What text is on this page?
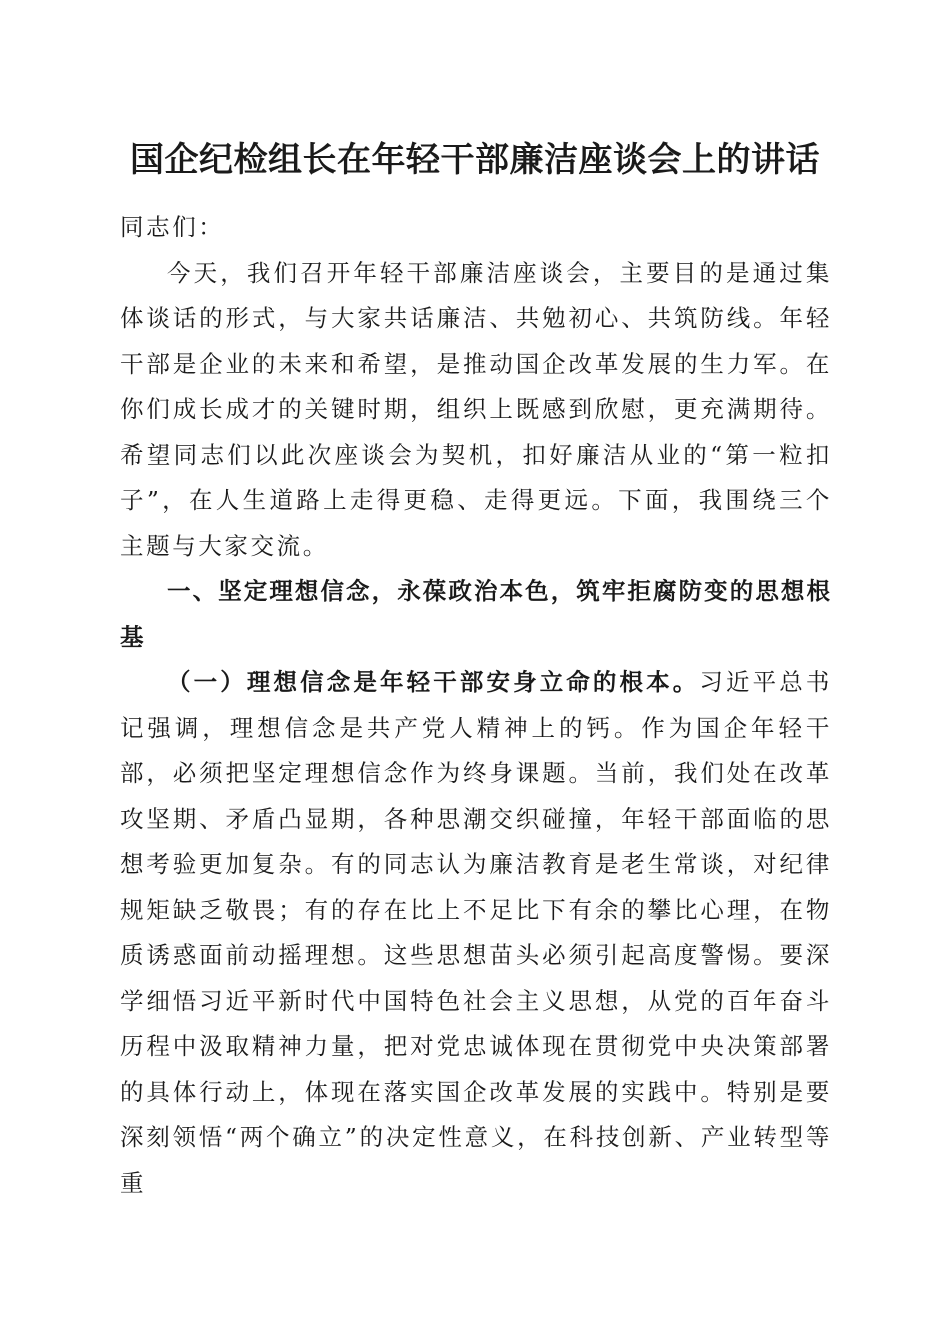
国企纪检组长在年轻干部廉洁座谈会上的讲话

同志们：

今天，我们召开年轻干部廉洁座谈会，主要目的是通过集体谈话的形式，与大家共话廉洁、共勉初心、共筑防线。年轻干部是企业的未来和希望，是推动国企改革发展的生力军。在你们成长成才的关键时期，组织上既感到欣慰，更充满期待。希望同志们以此次座谈会为契机，扣好廉洁从业的“第一粒扣子”，在人生道路上走得更稳、走得更远。下面，我围绕三个主题与大家交流。

一、坚定理想信念，永葆政治本色，筑牢拒腐防变的思想根基

（一）理想信念是年轻干部安身立命的根本。习近平总书记强调，理想信念是共产党人精神上的钙。作为国企年轻干部，必须把坚定理想信念作为终身课题。当前，我们处在改革攻坚期、矛盾凸显期，各种思潮交织碰撞，年轻干部面临的思想考验更加复杂。有的同志认为廉洁教育是老生常谈，对纪律规矩缺乏敬畏；有的存在比上不足比下有余的攀比心理，在物质诱惑面前动摇理想。这些思想苗头必须引起高度警惕。要深学细悟习近平新时代中国特色社会主义思想，从党的百年奋斗历程中汲取精神力量，把对党忠诚体现在贯彻党中央决策部署的具体行动上，体现在落实国企改革发展的实践中。特别是要深刻领悟“两个确立”的决定性意义，在科技创新、产业转型等重
